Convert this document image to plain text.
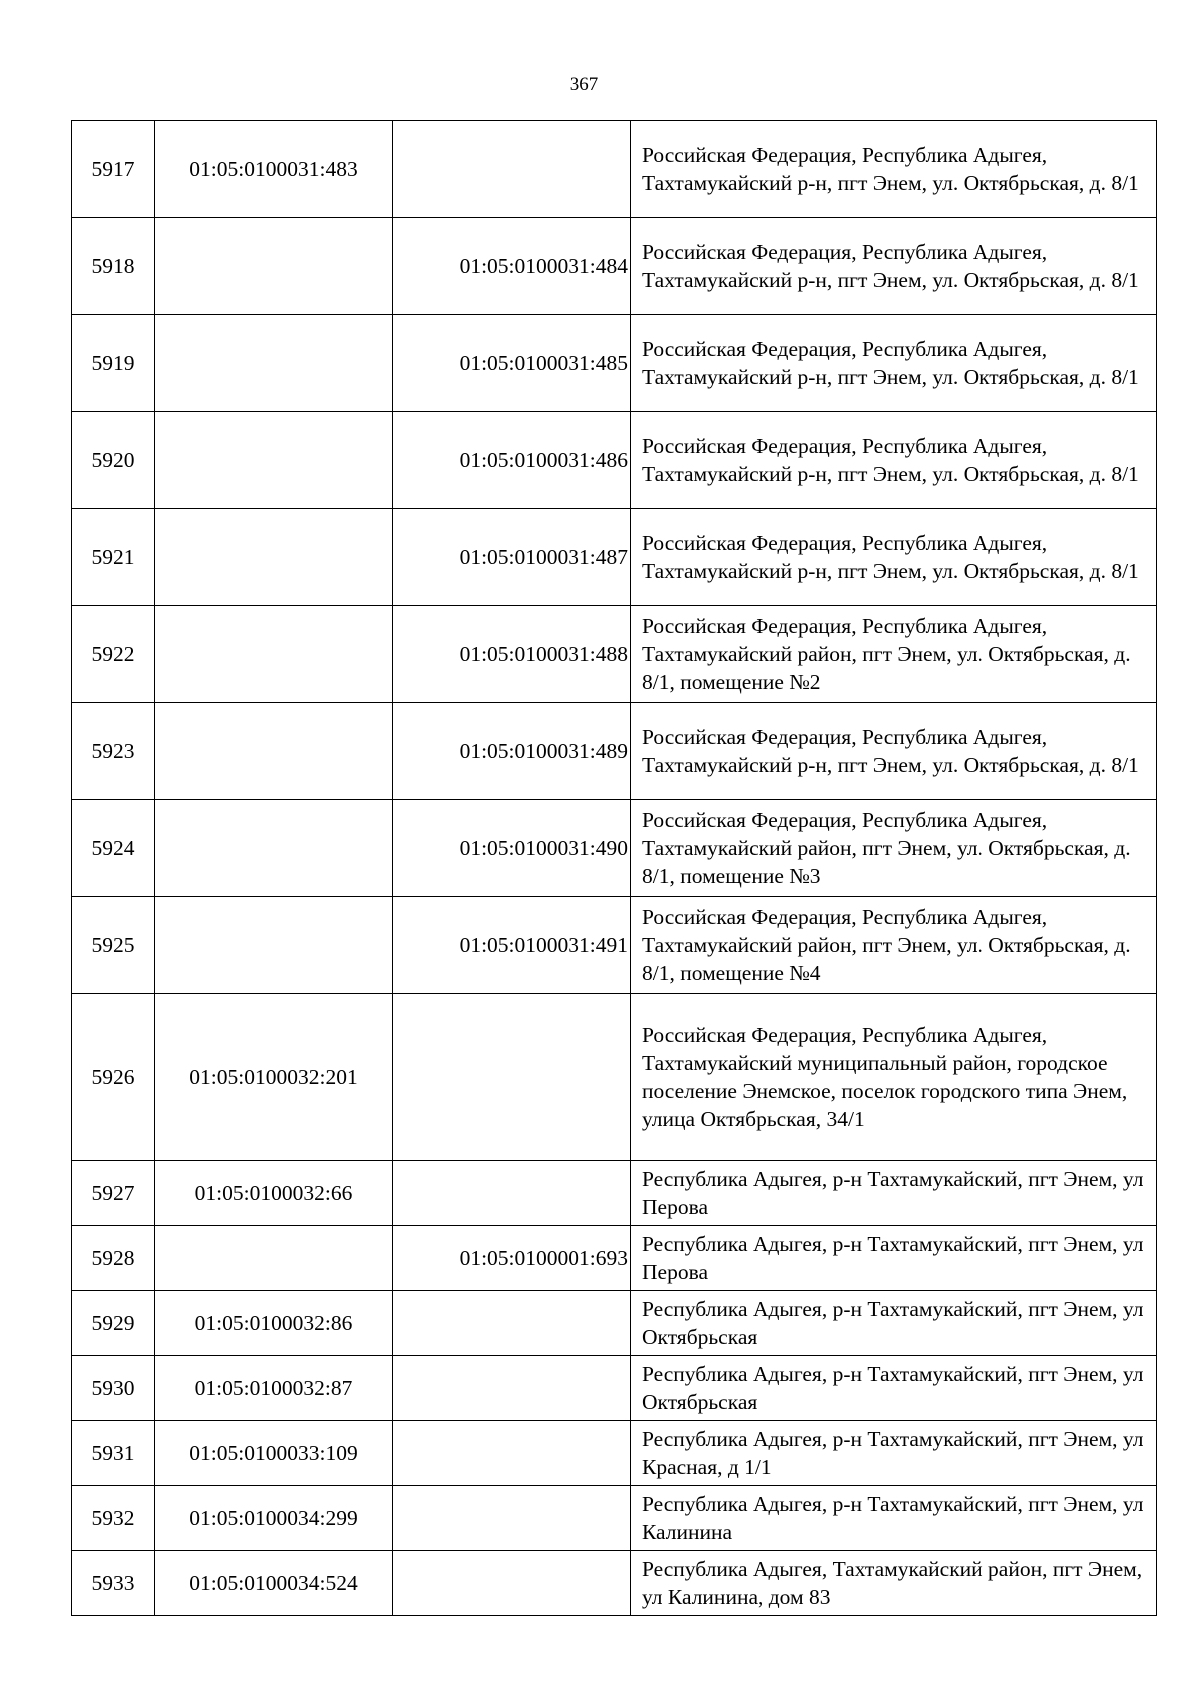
367
5917	01:05:0100031:483		Российская Федерация, Республика Адыгея, Тахтамукайский р-н, пгт Энем, ул. Октябрьская, д. 8/1
5918		01:05:0100031:484	Российская Федерация, Республика Адыгея, Тахтамукайский р-н, пгт Энем, ул. Октябрьская, д. 8/1
5919		01:05:0100031:485	Российская Федерация, Республика Адыгея, Тахтамукайский р-н, пгт Энем, ул. Октябрьская, д. 8/1
5920		01:05:0100031:486	Российская Федерация, Республика Адыгея, Тахтамукайский р-н, пгт Энем, ул. Октябрьская, д. 8/1
5921		01:05:0100031:487	Российская Федерация, Республика Адыгея, Тахтамукайский р-н, пгт Энем, ул. Октябрьская, д. 8/1
5922		01:05:0100031:488	Российская Федерация, Республика Адыгея, Тахтамукайский район, пгт Энем, ул. Октябрьская, д. 8/1, помещение №2
5923		01:05:0100031:489	Российская Федерация, Республика Адыгея, Тахтамукайский р-н, пгт Энем, ул. Октябрьская, д. 8/1
5924		01:05:0100031:490	Российская Федерация, Республика Адыгея, Тахтамукайский район, пгт Энем, ул. Октябрьская, д. 8/1, помещение №3
5925		01:05:0100031:491	Российская Федерация, Республика Адыгея, Тахтамукайский район, пгт Энем, ул. Октябрьская, д. 8/1, помещение №4
5926	01:05:0100032:201		Российская Федерация, Республика Адыгея, Тахтамукайский муниципальный район, городское поселение Энемское, поселок городского типа Энем, улица Октябрьская, 34/1
5927	01:05:0100032:66		Республика Адыгея, р-н Тахтамукайский, пгт Энем, ул Перова
5928		01:05:0100001:693	Республика Адыгея, р-н Тахтамукайский, пгт Энем, ул Перова
5929	01:05:0100032:86		Республика Адыгея, р-н Тахтамукайский, пгт Энем, ул Октябрьская
5930	01:05:0100032:87		Республика Адыгея, р-н Тахтамукайский, пгт Энем, ул Октябрьская
5931	01:05:0100033:109		Республика Адыгея, р-н Тахтамукайский, пгт Энем, ул Красная, д 1/1
5932	01:05:0100034:299		Республика Адыгея, р-н Тахтамукайский, пгт Энем, ул Калинина
5933	01:05:0100034:524		Республика Адыгея, Тахтамукайский район, пгт Энем, ул Калинина, дом 83
